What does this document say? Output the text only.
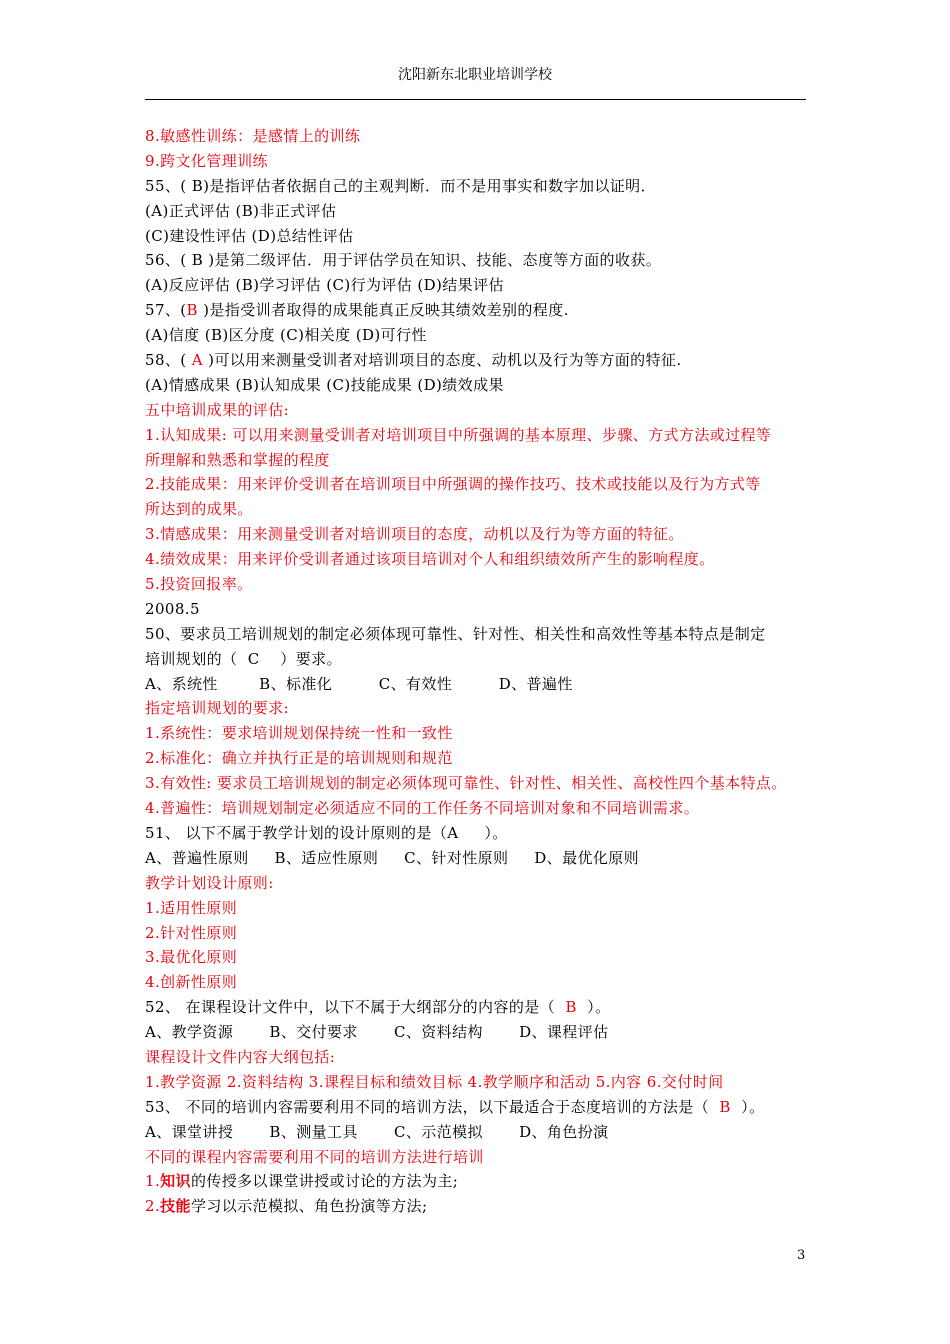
沈阳新东北职业培训学校
8.敏感性训练：是感情上的训练
9.跨文化管理训练
55、( B)是指评估者依据自己的主观判断．而不是用事实和数字加以证明．
(A)正式评估 (B)非正式评估
(C)建设性评估 (D)总结性评估
56、( B )是第二级评估．用于评估学员在知识、技能、态度等方面的收获。
(A)反应评估 (B)学习评估 (C)行为评估 (D)结果评估
57、(B )是指受训者取得的成果能真正反映其绩效差别的程度.
(A)信度 (B)区分度 (C)相关度 (D)可行性
58、( A )可以用来测量受训者对培训项目的态度、动机以及行为等方面的特征.
(A)情感成果 (B)认知成果 (C)技能成果 (D)绩效成果
五中培训成果的评估:
1.认知成果: 可以用来测量受训者对培训项目中所强调的基本原理、步骤、方式方法或过程等
所理解和熟悉和掌握的程度
2.技能成果：用来评价受训者在培训项目中所强调的操作技巧、技术或技能以及行为方式等
所达到的成果。
3.情感成果：用来测量受训者对培训项目的态度，动机以及行为等方面的特征。
4.绩效成果：用来评价受训者通过该项目培训对个人和组织绩效所产生的影响程度。
5.投资回报率。
2008.5
50、要求员工培训规划的制定必须体现可靠性、针对性、相关性和高效性等基本特点是制定
培训规划的（  C    ）要求。
A、系统性        B、标准化         C、有效性         D、普遍性
指定培训规划的要求:
1.系统性：要求培训规划保持统一性和一致性
2.标准化：确立并执行正是的培训规则和规范
3.有效性: 要求员工培训规划的制定必须体现可靠性、针对性、相关性、高校性四个基本特点。
4.普遍性：培训规划制定必须适应不同的工作任务不同培训对象和不同培训需求。
51、 以下不属于教学计划的设计原则的是（A     ）。
A、普遍性原则     B、适应性原则     C、针对性原则     D、最优化原则
教学计划设计原则:
1.适用性原则
2.针对性原则
3.最优化原则
4.创新性原则
52、 在课程设计文件中，以下不属于大纲部分的内容的是（  B  ）。
A、教学资源       B、交付要求       C、资料结构       D、课程评估
课程设计文件内容大纲包括:
1.教学资源 2.资料结构 3.课程目标和绩效目标 4.教学顺序和活动 5.内容 6.交付时间
53、 不同的培训内容需要利用不同的培训方法，以下最适合于态度培训的方法是（  B  ）。
A、课堂讲授       B、测量工具       C、示范模拟       D、角色扮演
不同的课程内容需要利用不同的培训方法进行培训
1.知识的传授多以课堂讲授或讨论的方法为主;
2.技能学习以示范模拟、角色扮演等方法;
3
